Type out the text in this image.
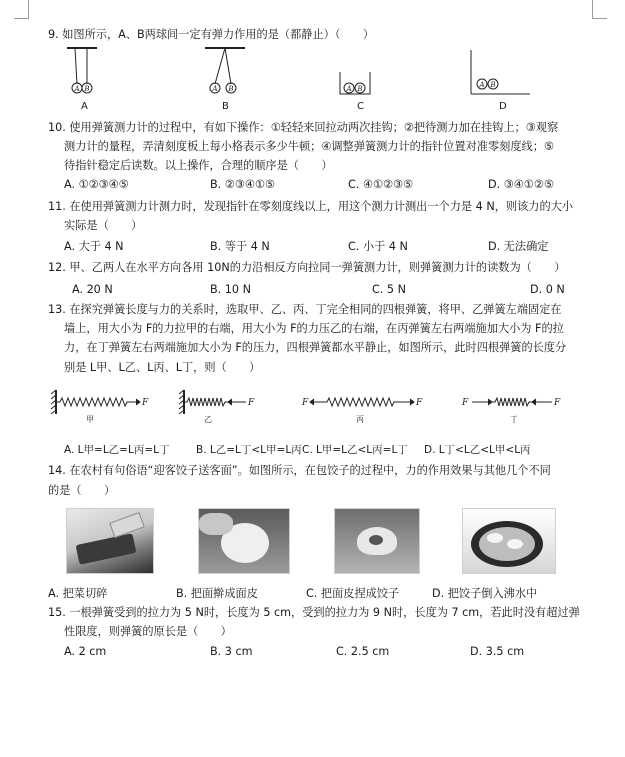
9. 如图所示，A、B两球间一定有弹力作用的是（都静止）（　　）
A B	A B	A B	A B
A	B	C	D
10. 使用弹簧测力计的过程中，有如下操作：①轻轻来回拉动两次挂钩；②把待测力加在挂钩上；③观察
测力计的量程，弄清刻度板上每小格表示多少牛顿；④调整弹簧测力计的指针位置对准零刻度线；⑤
待指针稳定后读数。以上操作，合理的顺序是（　　）
A. ①②③④⑤	B. ②③④①⑤	C. ④①②③⑤	D. ③④①②⑤
11. 在使用弹簧测力计测力时，发现指针在零刻度线以上，用这个测力计测出一个力是 4 N，则该力的大小
实际是（　　）
A. 大于 4 N	B. 等于 4 N	C. 小于 4 N	D. 无法确定
12. 甲、乙两人在水平方向各用 10N的力沿相反方向拉同一弹簧测力计，则弹簧测力计的读数为（　　）
A. 20 N	B. 10 N	C. 5 N	D. 0 N
13. 在探究弹簧长度与力的关系时，选取甲、乙、丙、丁完全相同的四根弹簧，将甲、乙弹簧左端固定在
墙上，用大小为 F的力拉甲的右端，用大小为 F的力压乙的右端，在丙弹簧左右两端施加大小为 F的拉
力，在丁弹簧左右两端施加大小为 F的压力，四根弹簧都水平静止，如图所示，此时四根弹簧的长度分
别是 L甲、L乙、L丙、L丁，则（　　）
F	F	F	F	F	F
甲	乙	丙	丁
A. L甲=L乙=L丙=L丁	B. L乙=L丁<L甲=L丙 C. L甲=L乙<L丙=L丁 D. L丁<L乙<L甲<L丙
14. 在农村有句俗语“迎客饺子送客面”。如图所示，在包饺子的过程中，力的作用效果与其他几个不同
的是（　　）
A. 把菜切碎	B. 把面擀成面皮	C. 把面皮捏成饺子	D. 把饺子倒入沸水中
15. 一根弹簧受到的拉力为 5 N时，长度为 5 cm，受到的拉力为 9 N时，长度为 7 cm，若此时没有超过弹
性限度，则弹簧的原长是（　　）
A. 2 cm	B. 3 cm	C. 2.5 cm	D. 3.5 cm
